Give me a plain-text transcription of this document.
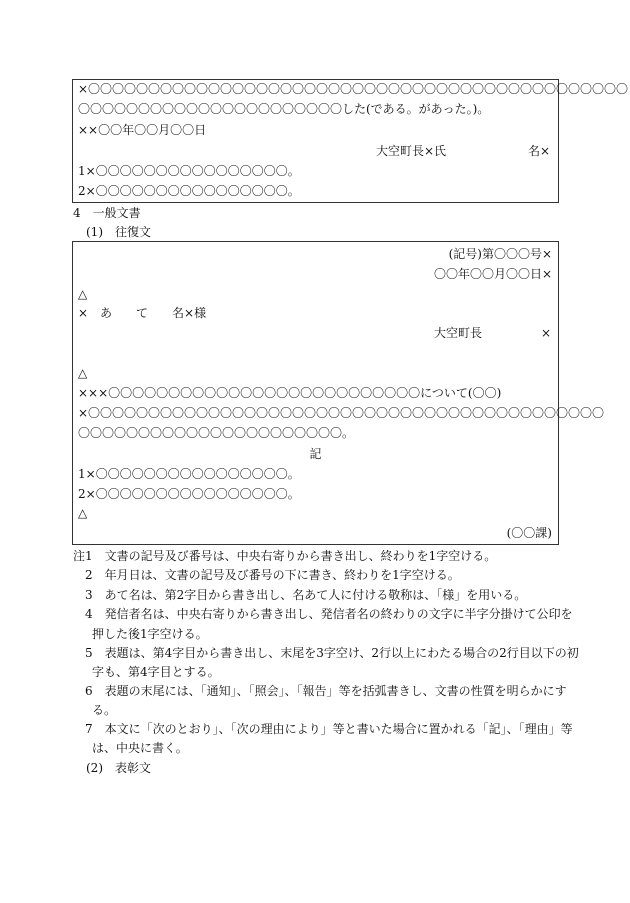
×〇〇〇〇〇〇〇〇〇〇〇〇〇〇〇〇〇〇〇〇〇〇〇〇〇〇〇〇〇〇〇〇〇〇〇〇〇〇〇〇〇〇〇〇〇
〇〇〇〇〇〇〇〇〇〇〇〇〇〇〇〇〇〇〇〇〇〇した(である。があった。)。
××〇〇年〇〇月〇〇日
大空町長×氏	名×
1×〇〇〇〇〇〇〇〇〇〇〇〇〇〇〇〇。
2×〇〇〇〇〇〇〇〇〇〇〇〇〇〇〇〇。
4　一般文書
(1)　往復文
(記号)第〇〇〇号×
〇〇年〇〇月〇〇日×
△
×　あ　　て　　名×様
大空町長	×
△
×××〇〇〇〇〇〇〇〇〇〇〇〇〇〇〇〇〇〇〇〇〇〇〇〇〇〇について(〇〇)
×〇〇〇〇〇〇〇〇〇〇〇〇〇〇〇〇〇〇〇〇〇〇〇〇〇〇〇〇〇〇〇〇〇〇〇〇〇〇〇〇〇〇〇
〇〇〇〇〇〇〇〇〇〇〇〇〇〇〇〇〇〇〇〇〇〇。
記
1×〇〇〇〇〇〇〇〇〇〇〇〇〇〇〇〇。
2×〇〇〇〇〇〇〇〇〇〇〇〇〇〇〇〇。
△
(〇〇課)
注1 文書の記号及び番号は、中央右寄りから書き出し、終わりを1字空ける。
2 年月日は、文書の記号及び番号の下に書き、終わりを1字空ける。
3 あて名は、第2字目から書き出し、名あて人に付ける敬称は、「様」を用いる。
4 発信者名は、中央右寄りから書き出し、発信者名の終わりの文字に半字分掛けて公印を
押した後1字空ける。
5 表題は、第4字目から書き出し、末尾を3字空け、2行以上にわたる場合の2行目以下の初
字も、第4字目とする。
6 表題の末尾には、「通知」、「照会」、「報告」等を括弧書きし、文書の性質を明らかにす
る。
7 本文に「次のとおり」、「次の理由により」等と書いた場合に置かれる「記」、「理由」等
は、中央に書く。
(2)　表彰文
